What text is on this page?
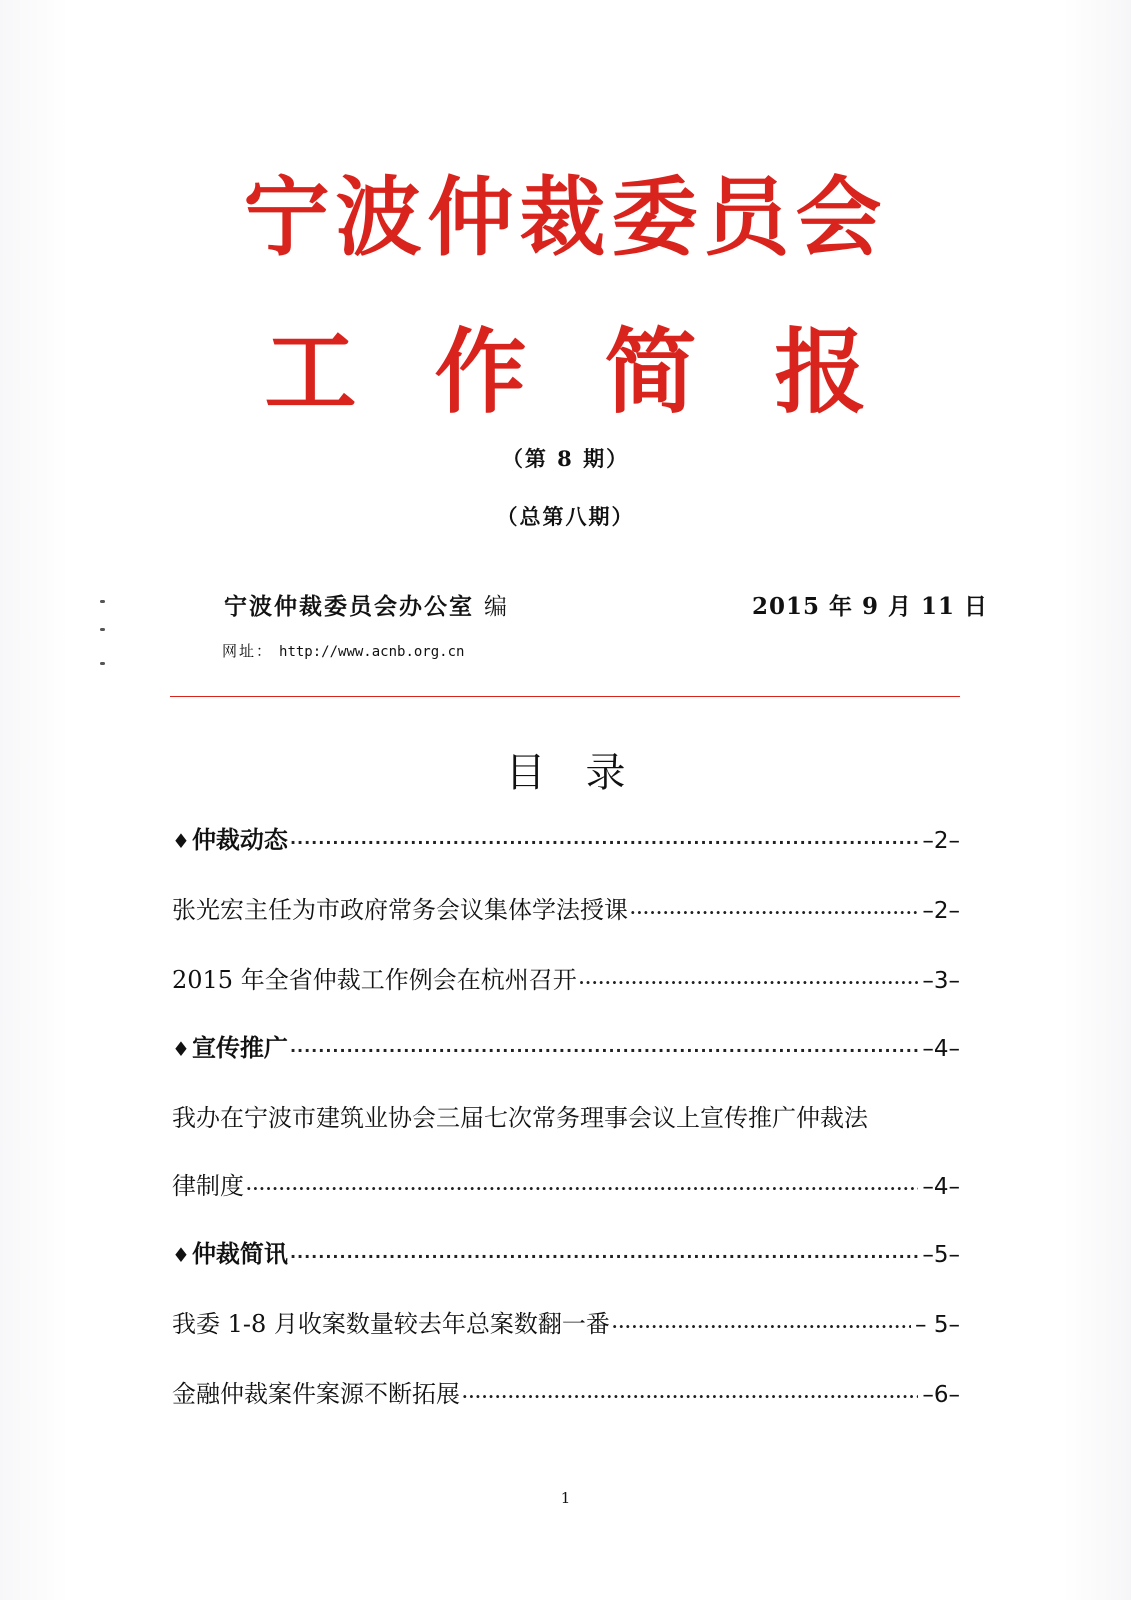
宁波仲裁委员会
工作简报
（第 8 期）
（总第八期）
宁波仲裁委员会办公室 编	2015 年 9 月 11 日
网址： http://www.acnb.org.cn
目录
♦仲裁动态 ·····	–2–
张光宏主任为市政府常务会议集体学法授课 ·····	–2–
2015 年全省仲裁工作例会在杭州召开 ·····	–3–
♦宣传推广 ·····	–4–
我办在宁波市建筑业协会三届七次常务理事会议上宣传推广仲裁法
律制度 ·····	–4–
♦仲裁简讯 ·····	–5–
我委 1-8 月收案数量较去年总案数翻一番 ·····	– 5–
金融仲裁案件案源不断拓展 ·····	–6–
1
